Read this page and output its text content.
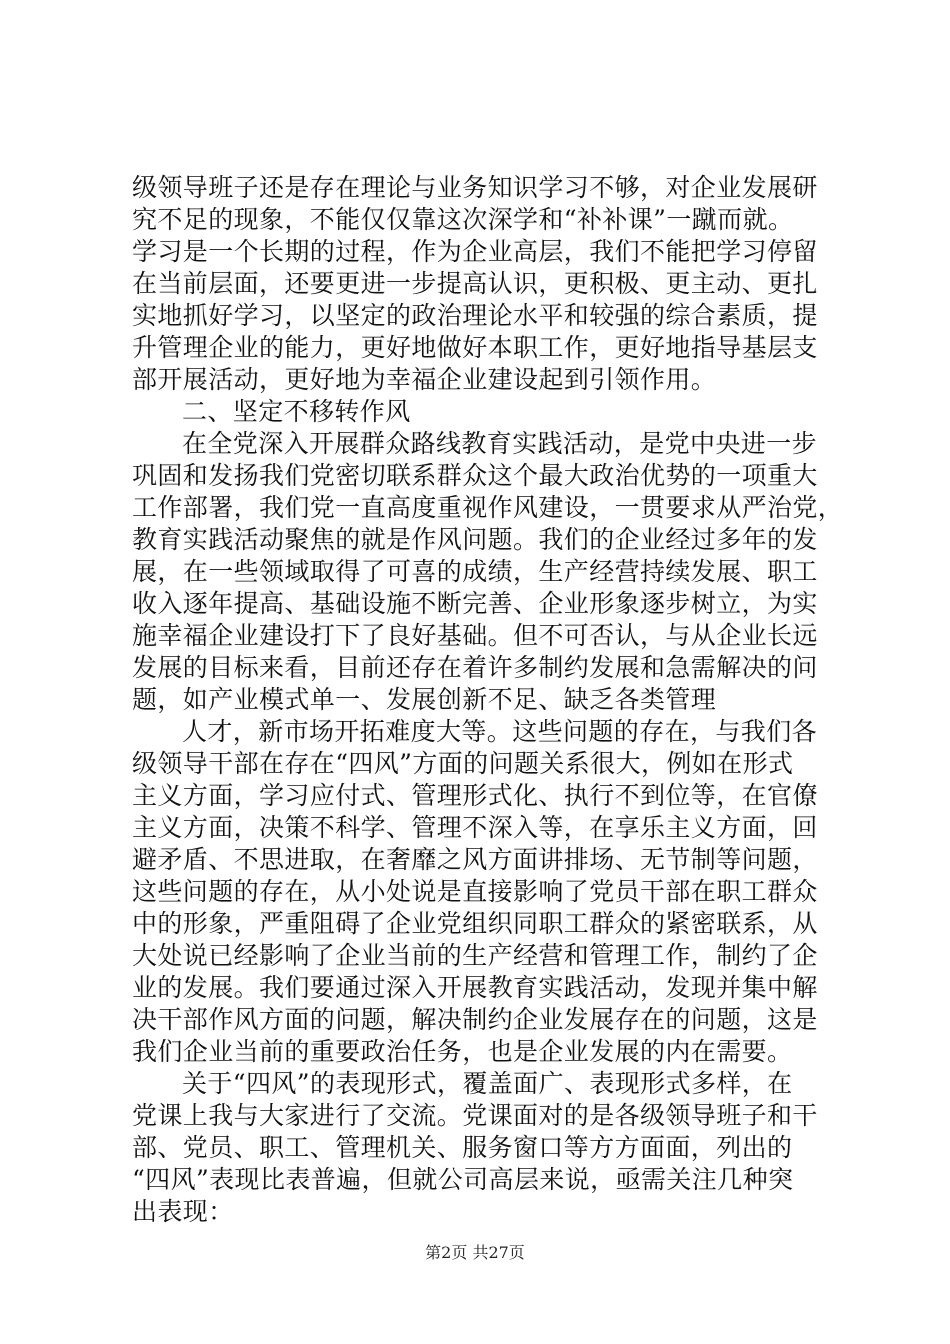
级领导班子还是存在理论与业务知识学习不够，对企业发展研
究不足的现象，不能仅仅靠这次深学和“补补课”一蹴而就。
学习是一个长期的过程，作为企业高层，我们不能把学习停留
在当前层面，还要更进一步提高认识，更积极、更主动、更扎
实地抓好学习，以坚定的政治理论水平和较强的综合素质，提
升管理企业的能力，更好地做好本职工作，更好地指导基层支
部开展活动，更好地为幸福企业建设起到引领作用。
二、坚定不移转作风
在全党深入开展群众路线教育实践活动，是党中央进一步
巩固和发扬我们党密切联系群众这个最大政治优势的一项重大
工作部署，我们党一直高度重视作风建设，一贯要求从严治党，
教育实践活动聚焦的就是作风问题。我们的企业经过多年的发
展，在一些领域取得了可喜的成绩，生产经营持续发展、职工
收入逐年提高、基础设施不断完善、企业形象逐步树立，为实
施幸福企业建设打下了良好基础。但不可否认，与从企业长远
发展的目标来看，目前还存在着许多制约发展和急需解决的问
题，如产业模式单一、发展创新不足、缺乏各类管理
人才，新市场开拓难度大等。这些问题的存在，与我们各
级领导干部在存在“四风”方面的问题关系很大，例如在形式
主义方面，学习应付式、管理形式化、执行不到位等，在官僚
主义方面，决策不科学、管理不深入等，在享乐主义方面，回
避矛盾、不思进取，在奢靡之风方面讲排场、无节制等问题，
这些问题的存在，从小处说是直接影响了党员干部在职工群众
中的形象，严重阻碍了企业党组织同职工群众的紧密联系，从
大处说已经影响了企业当前的生产经营和管理工作，制约了企
业的发展。我们要通过深入开展教育实践活动，发现并集中解
决干部作风方面的问题，解决制约企业发展存在的问题，这是
我们企业当前的重要政治任务，也是企业发展的内在需要。
关于“四风”的表现形式，覆盖面广、表现形式多样，在
党课上我与大家进行了交流。党课面对的是各级领导班子和干
部、党员、职工、管理机关、服务窗口等方方面面，列出的
“四风”表现比表普遍，但就公司高层来说，亟需关注几种突
出表现：
第2页 共27页
